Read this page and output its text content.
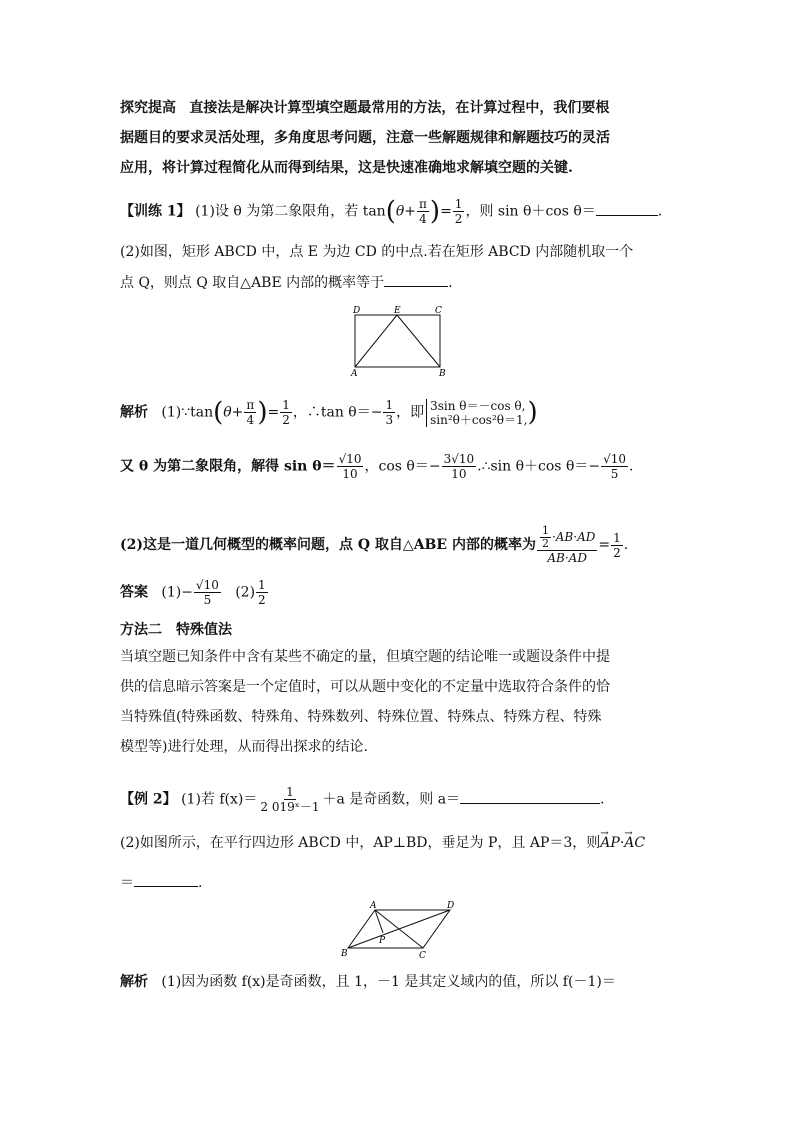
探究提高 直接法是解决计算型填空题最常用的方法，在计算过程中，我们要根
据题目的要求灵活处理，多角度思考问题，注意一些解题规律和解题技巧的灵活
应用，将计算过程简化从而得到结果，这是快速准确地求解填空题的关键.
【训练 1】 (1)设 θ 为第二象限角，若 $\tan(\theta+ \frac{\pi}{4}$ )= $\frac{1}{2}$ ，则 sin θ＋cos θ＝	.
(2)如图，矩形 ABCD 中，点 E 为边 CD 的中点.若在矩形 ABCD 内部随机取一个
点 Q，则点 Q 取自△ABE 内部的概率等于	.
D	E	C
A	B
解析 (1)∵tan(θ+ $\frac{\pi}{4}$ )= $\frac{1}{2}$ ，∴tan $\theta=- \frac{1}{3}$ ，即 3sin θ＝－cos θ,
sin²θ＋cos²θ＝1, )
又 θ 为第二象限角，解得 $\sin \theta= \frac{√10}{10}$ ，$\cos \theta=- \frac{3√10}{10}$ .∴sin θ＋cos $\theta=- \frac{√10}{5}$ .
(2)这是一道几何概型的概率问题，点 Q 取自△ABE 内部的概率为 $\frac{\frac{1}{2} \cdot AB\cdot AD}{AB\cdot AD} = \frac{1}{2}$ .
答案 $(1)- \frac{√10}{5} (2) \frac{1}{2}$
方法二　特殊值法
当填空题已知条件中含有某些不确定的量，但填空题的结论唯一或题设条件中提
供的信息暗示答案是一个定值时，可以从题中变化的不定量中选取符合条件的恰
当特殊值(特殊函数、特殊角、特殊数列、特殊位置、特殊点、特殊方程、特殊
模型等)进行处理，从而得出探求的结论.
【例 2】 (1)若 $f(x)= \frac{1}{\text{2 019ˣ－1}} +a$ 是奇函数，则 a＝	.
(2)如图所示，在平行四边形 ABCD 中，AP⊥BD，垂足为 P，且 AP＝3，则→ AP·→ AC
＝	.
A	D
B	C
P
解析 (1)因为函数 f(x)是奇函数，且 1，－1 是其定义域内的值，所以 f(－1)＝
